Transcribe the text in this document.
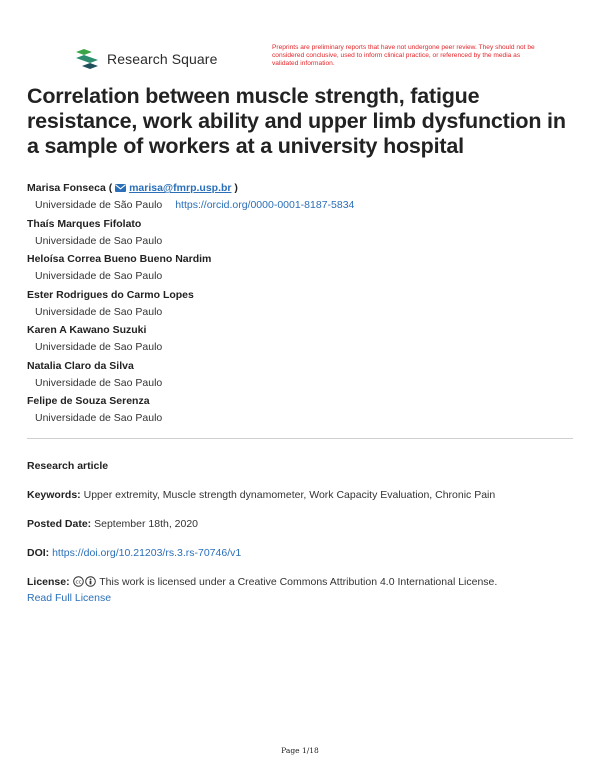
Research Square
Preprints are preliminary reports that have not undergone peer review. They should not be considered conclusive, used to inform clinical practice, or referenced by the media as validated information.
Correlation between muscle strength, fatigue resistance, work ability and upper limb dysfunction in a sample of workers at a university hospital
Marisa Fonseca ( marisa@fmrp.usp.br )
Universidade de São Paulo https://orcid.org/0000-0001-8187-5834
Thaís Marques Fifolato
Universidade de Sao Paulo
Heloísa Correa Bueno Bueno Nardim
Universidade de Sao Paulo
Ester Rodrigues do Carmo Lopes
Universidade de Sao Paulo
Karen A Kawano Suzuki
Universidade de Sao Paulo
Natalia Claro da Silva
Universidade de Sao Paulo
Felipe de Souza Serenza
Universidade de Sao Paulo
Research article
Keywords: Upper extremity, Muscle strength dynamometer, Work Capacity Evaluation, Chronic Pain
Posted Date: September 18th, 2020
DOI: https://doi.org/10.21203/rs.3.rs-70746/v1
License: cc This work is licensed under a Creative Commons Attribution 4.0 International License.
Read Full License
Page 1/18
